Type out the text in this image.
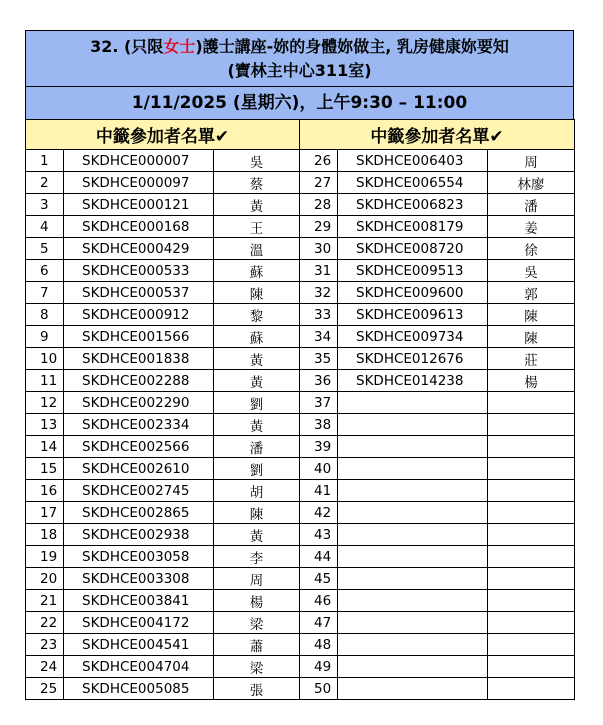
32. (只限女士)護士講座-妳的身體妳做主, 乳房健康妳要知
(寶林主中心311室)
1/11/2025 (星期六)，上午9:30 – 11:00
中籤參加者名單✔			中籤參加者名單✔		
1	SKDHCE000007	吳	26	SKDHCE006403	周
2	SKDHCE000097	蔡	27	SKDHCE006554	林廖
3	SKDHCE000121	黃	28	SKDHCE006823	潘
4	SKDHCE000168	王	29	SKDHCE008179	姜
5	SKDHCE000429	溫	30	SKDHCE008720	徐
6	SKDHCE000533	蘇	31	SKDHCE009513	吳
7	SKDHCE000537	陳	32	SKDHCE009600	郭
8	SKDHCE000912	黎	33	SKDHCE009613	陳
9	SKDHCE001566	蘇	34	SKDHCE009734	陳
10	SKDHCE001838	黃	35	SKDHCE012676	莊
11	SKDHCE002288	黃	36	SKDHCE014238	楊
12	SKDHCE002290	劉	37		
13	SKDHCE002334	黃	38		
14	SKDHCE002566	潘	39		
15	SKDHCE002610	劉	40		
16	SKDHCE002745	胡	41		
17	SKDHCE002865	陳	42		
18	SKDHCE002938	黃	43		
19	SKDHCE003058	李	44		
20	SKDHCE003308	周	45		
21	SKDHCE003841	楊	46		
22	SKDHCE004172	梁	47		
23	SKDHCE004541	蕭	48		
24	SKDHCE004704	梁	49		
25	SKDHCE005085	張	50		
